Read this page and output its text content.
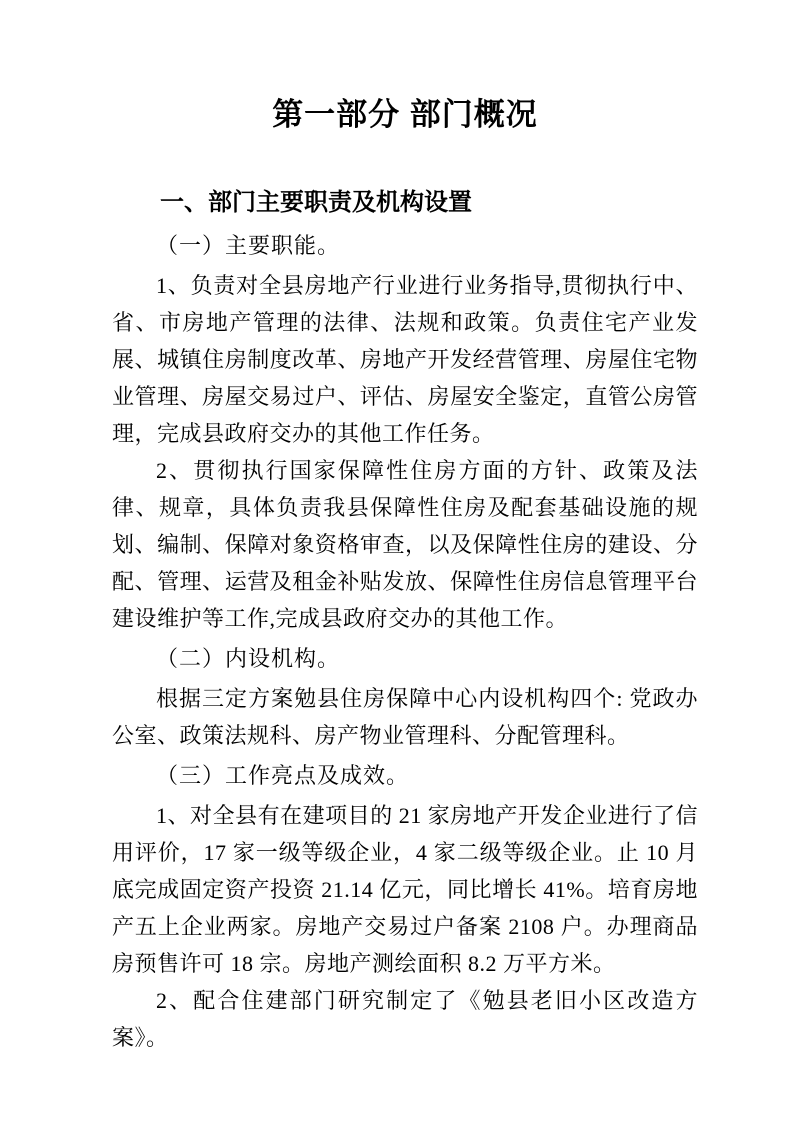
第一部分 部门概况
一、部门主要职责及机构设置
（一）主要职能。

1、负责对全县房地产行业进行业务指导,贯彻执行中、省、市房地产管理的法律、法规和政策。负责住宅产业发展、城镇住房制度改革、房地产开发经营管理、房屋住宅物业管理、房屋交易过户、评估、房屋安全鉴定，直管公房管理，完成县政府交办的其他工作任务。

2、贯彻执行国家保障性住房方面的方针、政策及法律、规章，具体负责我县保障性住房及配套基础设施的规划、编制、保障对象资格审查，以及保障性住房的建设、分配、管理、运营及租金补贴发放、保障性住房信息管理平台建设维护等工作,完成县政府交办的其他工作。

（二）内设机构。

根据三定方案勉县住房保障中心内设机构四个: 党政办公室、政策法规科、房产物业管理科、分配管理科。

（三）工作亮点及成效。

1、对全县有在建项目的 21 家房地产开发企业进行了信用评价，17 家一级等级企业，4 家二级等级企业。止 10 月底完成固定资产投资 21.14 亿元，同比增长 41%。培育房地产五上企业两家。房地产交易过户备案 2108 户。办理商品房预售许可 18 宗。房地产测绘面积 8.2 万平方米。

2、配合住建部门研究制定了《勉县老旧小区改造方案》。
